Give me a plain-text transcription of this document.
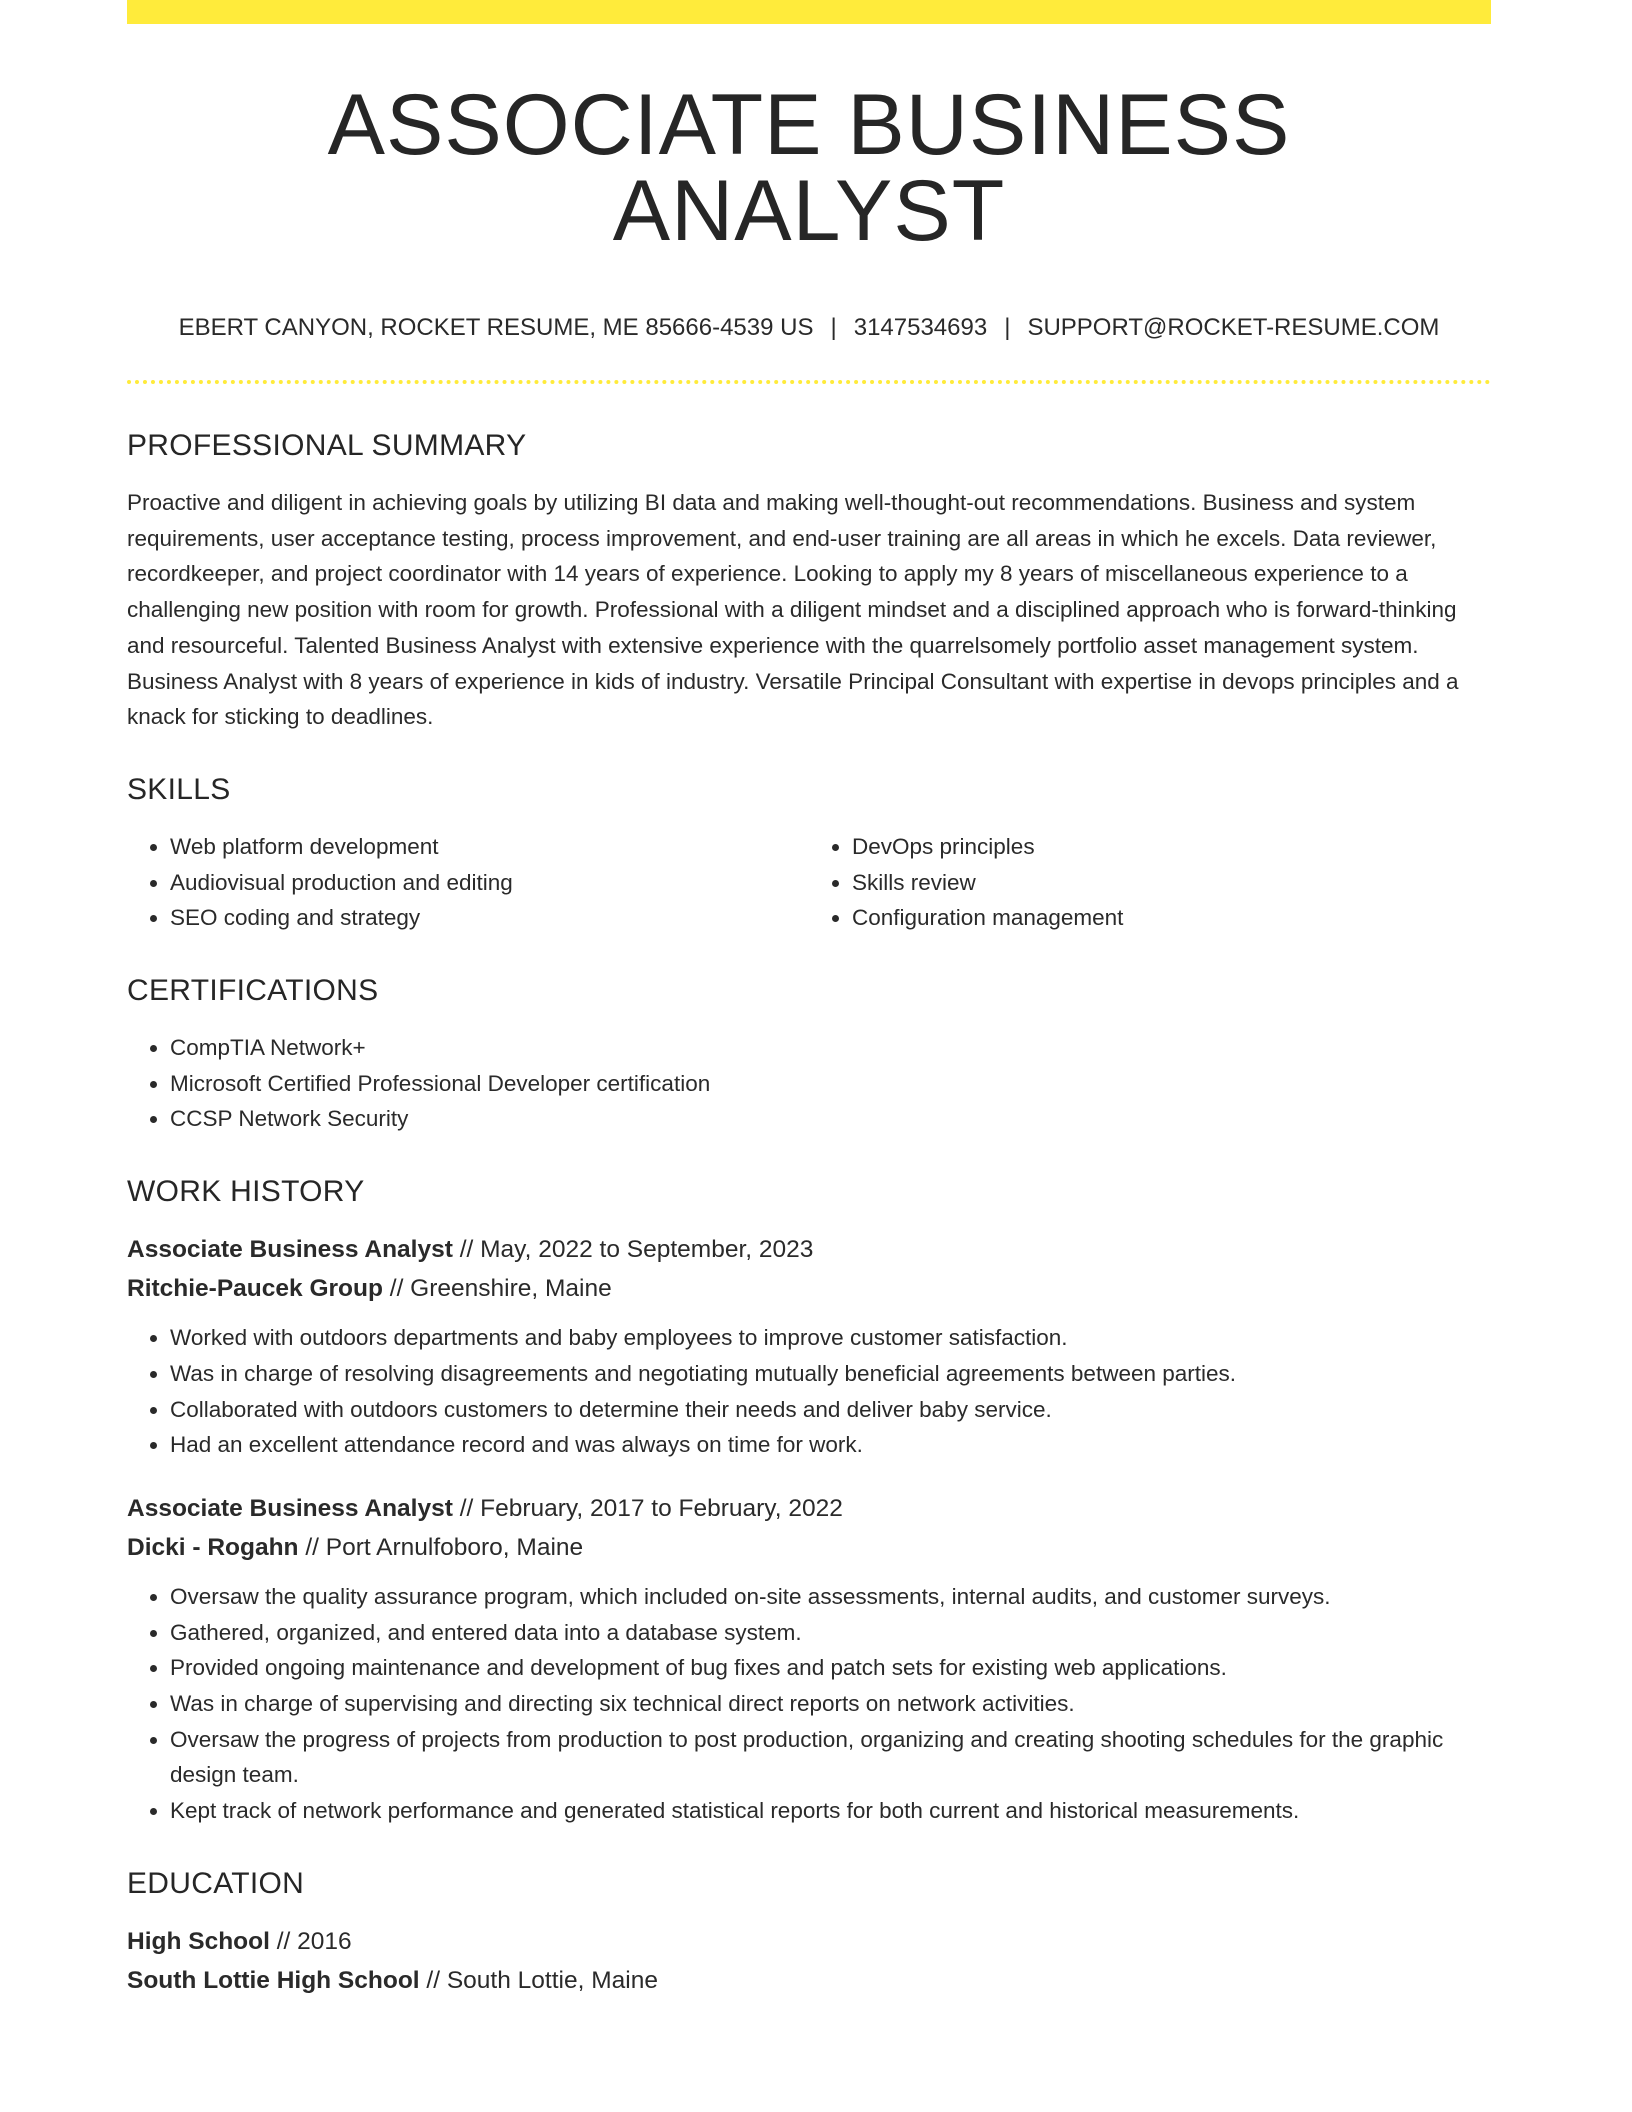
ASSOCIATE BUSINESS ANALYST
EBERT CANYON, ROCKET RESUME, ME 85666-4539 US | 3147534693 | SUPPORT@ROCKET-RESUME.COM
PROFESSIONAL SUMMARY

Proactive and diligent in achieving goals by utilizing BI data and making well-thought-out recommendations. Business and system requirements, user acceptance testing, process improvement, and end-user training are all areas in which he excels. Data reviewer, recordkeeper, and project coordinator with 14 years of experience. Looking to apply my 8 years of miscellaneous experience to a challenging new position with room for growth. Professional with a diligent mindset and a disciplined approach who is forward-thinking and resourceful. Talented Business Analyst with extensive experience with the quarrelsomely portfolio asset management system. Business Analyst with 8 years of experience in kids of industry. Versatile Principal Consultant with expertise in devops principles and a knack for sticking to deadlines.

SKILLS
• Web platform development
• Audiovisual production and editing
• SEO coding and strategy
• DevOps principles
• Skills review
• Configuration management
CERTIFICATIONS
• CompTIA Network+
• Microsoft Certified Professional Developer certification
• CCSP Network Security
WORK HISTORY
Associate Business Analyst // May, 2022 to September, 2023
Ritchie-Paucek Group // Greenshire, Maine
• Worked with outdoors departments and baby employees to improve customer satisfaction.
• Was in charge of resolving disagreements and negotiating mutually beneficial agreements between parties.
• Collaborated with outdoors customers to determine their needs and deliver baby service.
• Had an excellent attendance record and was always on time for work.
Associate Business Analyst // February, 2017 to February, 2022
Dicki - Rogahn // Port Arnulfoboro, Maine
• Oversaw the quality assurance program, which included on-site assessments, internal audits, and customer surveys.
• Gathered, organized, and entered data into a database system.
• Provided ongoing maintenance and development of bug fixes and patch sets for existing web applications.
• Was in charge of supervising and directing six technical direct reports on network activities.
• Oversaw the progress of projects from production to post production, organizing and creating shooting schedules for the graphic design team.
• Kept track of network performance and generated statistical reports for both current and historical measurements.
EDUCATION
High School // 2016
South Lottie High School // South Lottie, Maine
